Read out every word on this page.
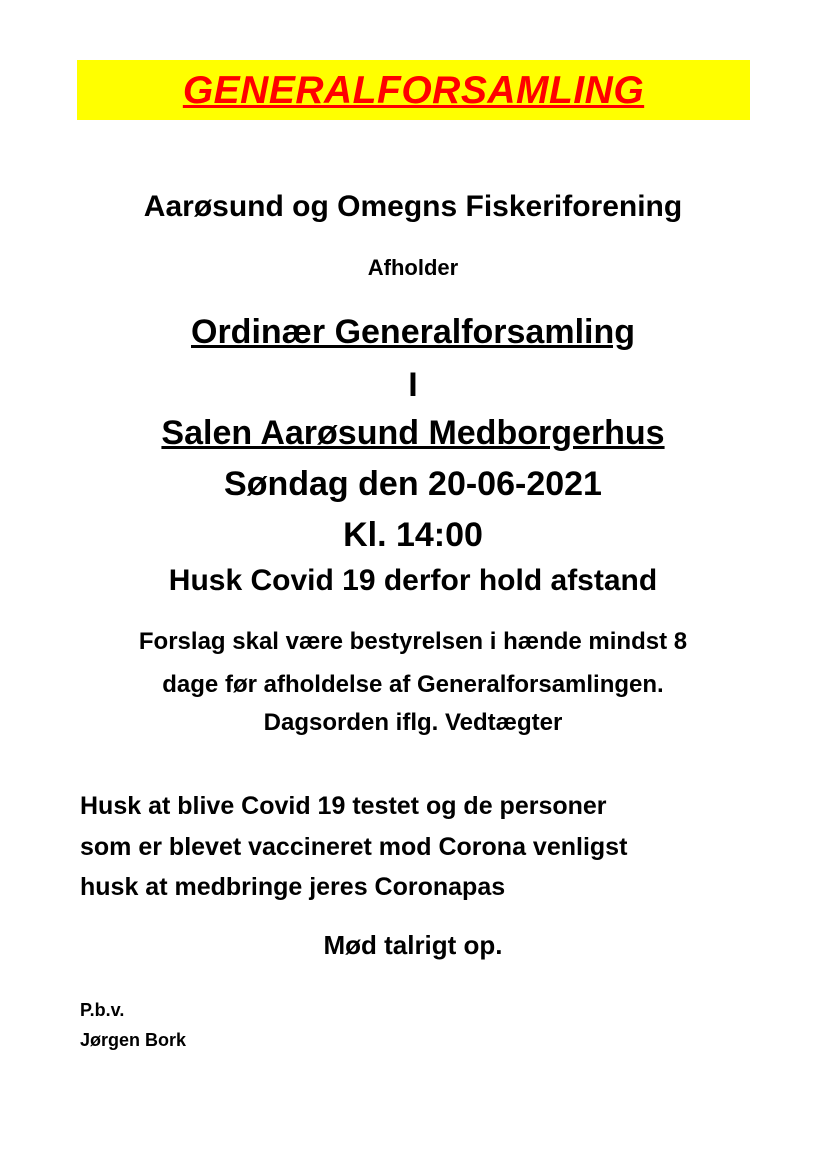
GENERALFORSAMLING
Aarøsund og Omegns Fiskeriforening
Afholder
Ordinær Generalforsamling
I
Salen Aarøsund Medborgerhus
Søndag den 20-06-2021
Kl. 14:00
Husk Covid 19 derfor hold afstand
Forslag skal være bestyrelsen i hænde mindst 8
dage før afholdelse af Generalforsamlingen.
Dagsorden iflg. Vedtægter
Husk at blive Covid 19 testet og de personer
som er blevet vaccineret mod Corona venligst
husk at medbringe jeres Coronapas
Mød talrigt op.
P.b.v.
Jørgen Bork
